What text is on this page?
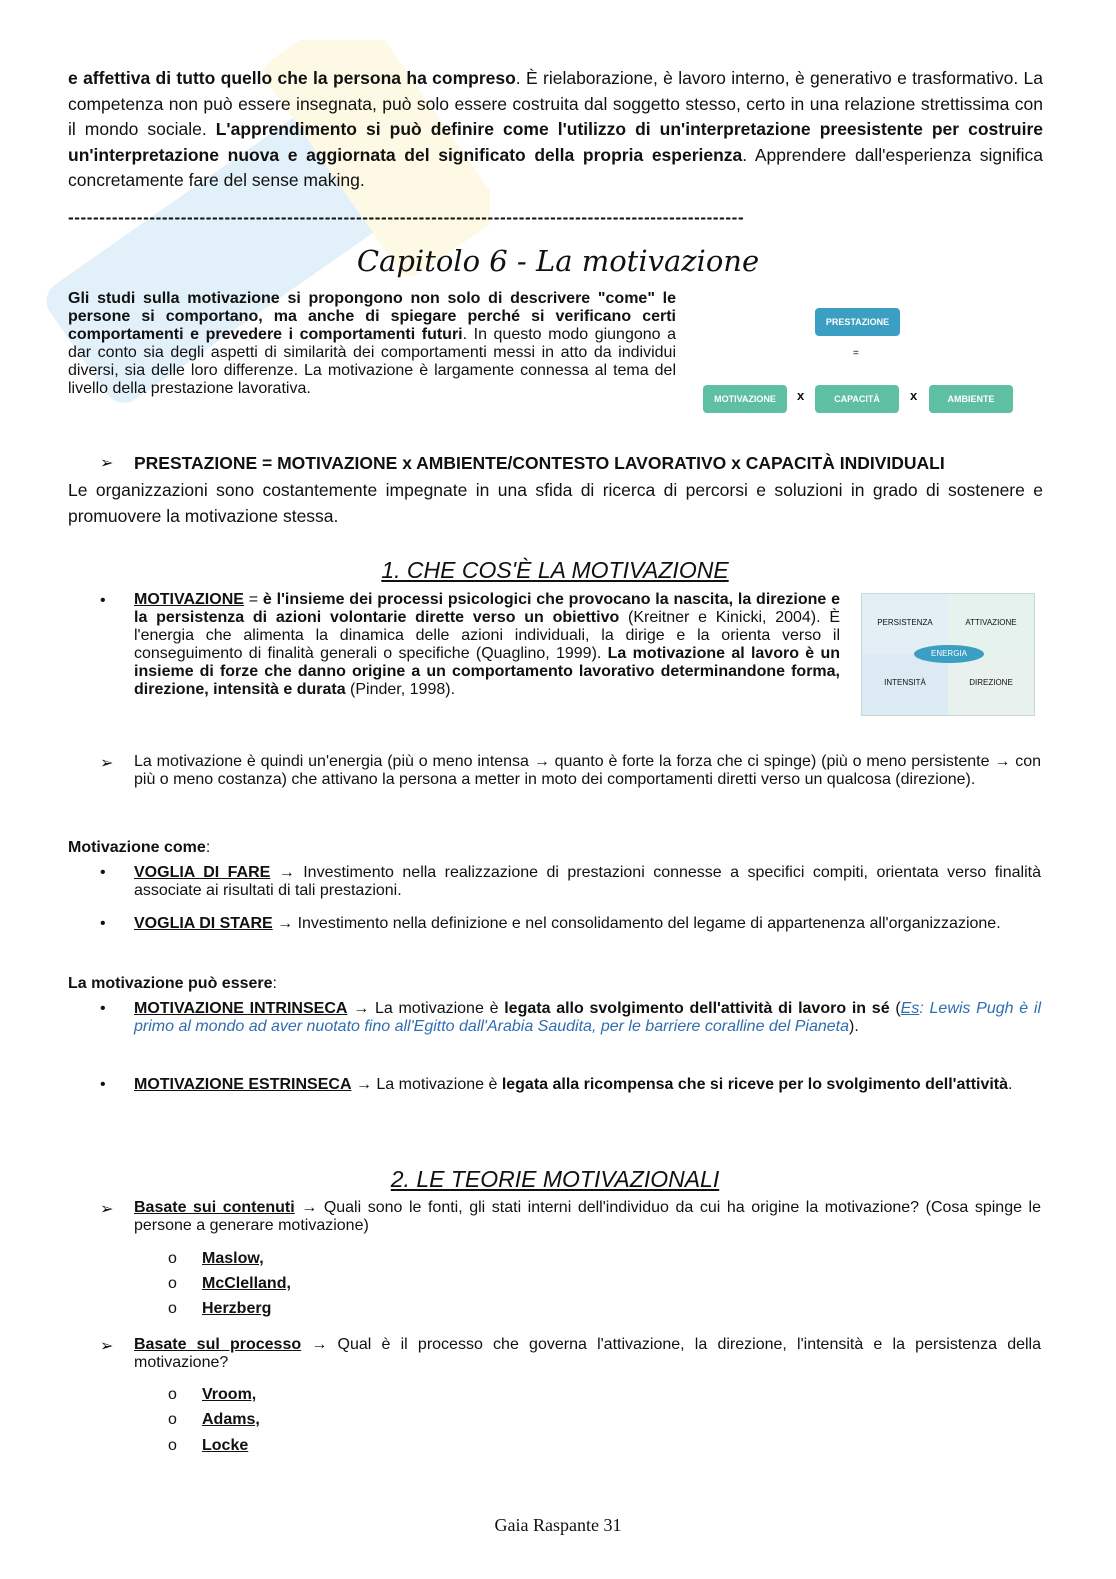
e affettiva di tutto quello che la persona ha compreso. È rielaborazione, è lavoro interno, è generativo e trasformativo. La competenza non può essere insegnata, può solo essere costruita dal soggetto stesso, certo in una relazione strettissima con il mondo sociale. L'apprendimento si può definire come l'utilizzo di un'interpretazione preesistente per costruire un'interpretazione nuova e aggiornata del significato della propria esperienza. Apprendere dall'esperienza significa concretamente fare del sense making.
------------------------------------------------------------------------------------------------------------
Capitolo 6 - La motivazione
Gli studi sulla motivazione si propongono non solo di descrivere "come" le persone si comportano, ma anche di spiegare perché si verificano certi comportamenti e prevedere i comportamenti futuri. In questo modo giungono a dar conto sia degli aspetti di similarità dei comportamenti messi in atto da individui diversi, sia delle loro differenze. La motivazione è largamente connessa al tema del livello della prestazione lavorativa.
PRESTAZIONE
=
MOTIVAZIONE	x	CAPACITÀ	x	AMBIENTE
➢ PRESTAZIONE = MOTIVAZIONE x AMBIENTE/CONTESTO LAVORATIVO x CAPACITÀ INDIVIDUALI
Le organizzazioni sono costantemente impegnate in una sfida di ricerca di percorsi e soluzioni in grado di sostenere e promuovere la motivazione stessa.
1. CHE COS'È LA MOTIVAZIONE
• MOTIVAZIONE = è l'insieme dei processi psicologici che provocano la nascita, la direzione e la persistenza di azioni volontarie dirette verso un obiettivo (Kreitner e Kinicki, 2004). È l'energia che alimenta la dinamica delle azioni individuali, la dirige e la orienta verso il conseguimento di finalità generali o specifiche (Quaglino, 1999). La motivazione al lavoro è un insieme di forze che danno origine a un comportamento lavorativo determinandone forma, direzione, intensità e durata (Pinder, 1998).
PERSISTENZA	ATTIVAZIONE
INTENSITÀ	DIREZIONE
ENERGIA
➢ La motivazione è quindi un'energia (più o meno intensa → quanto è forte la forza che ci spinge) (più o meno persistente → con più o meno costanza) che attivano la persona a metter in moto dei comportamenti diretti verso un qualcosa (direzione).
Motivazione come:
• VOGLIA DI FARE → Investimento nella realizzazione di prestazioni connesse a specifici compiti, orientata verso finalità associate ai risultati di tali prestazioni.
• VOGLIA DI STARE → Investimento nella definizione e nel consolidamento del legame di appartenenza all'organizzazione.
La motivazione può essere:
• MOTIVAZIONE INTRINSECA → La motivazione è legata allo svolgimento dell'attività di lavoro in sé (Es: Lewis Pugh è il primo al mondo ad aver nuotato fino all'Egitto dall'Arabia Saudita, per le barriere coralline del Pianeta).
• MOTIVAZIONE ESTRINSECA → La motivazione è legata alla ricompensa che si riceve per lo svolgimento dell'attività.
2. LE TEORIE MOTIVAZIONALI
➢ Basate sui contenuti → Quali sono le fonti, gli stati interni dell'individuo da cui ha origine la motivazione? (Cosa spinge le persone a generare motivazione)
o Maslow,
o McClelland,
o Herzberg
➢ Basate sul processo → Qual è il processo che governa l'attivazione, la direzione, l'intensità e la persistenza della motivazione?
o Vroom,
o Adams,
o Locke
Gaia Raspante 31
